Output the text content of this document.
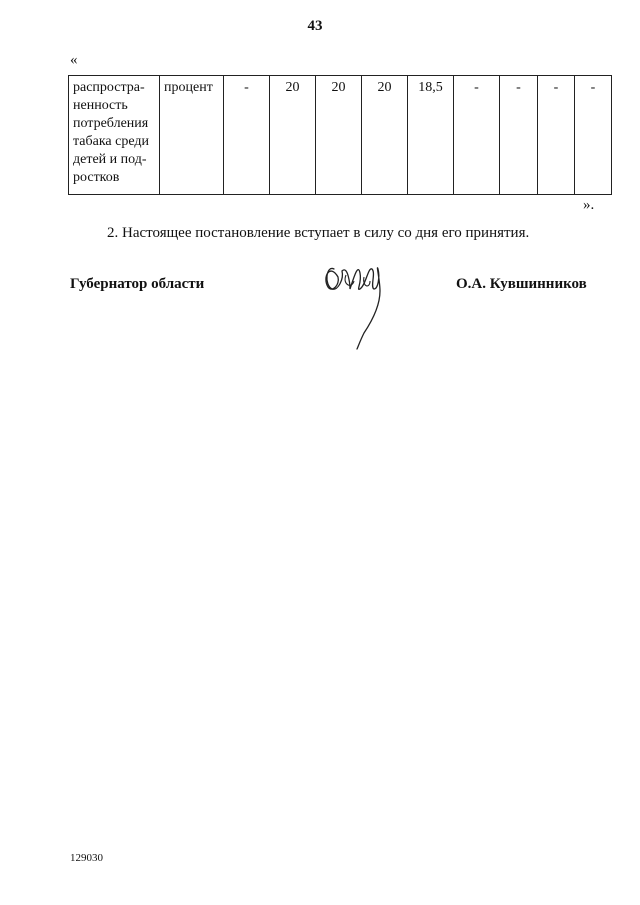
43
«
распростра-
ненность
потребления
табака среди
детей и под-
ростков
	процент	-	20	20	20	18,5	-	-	-	-
».
2. Настоящее постановление вступает в силу со дня его принятия.
Губернатор области	О.А. Кувшинников
129030
